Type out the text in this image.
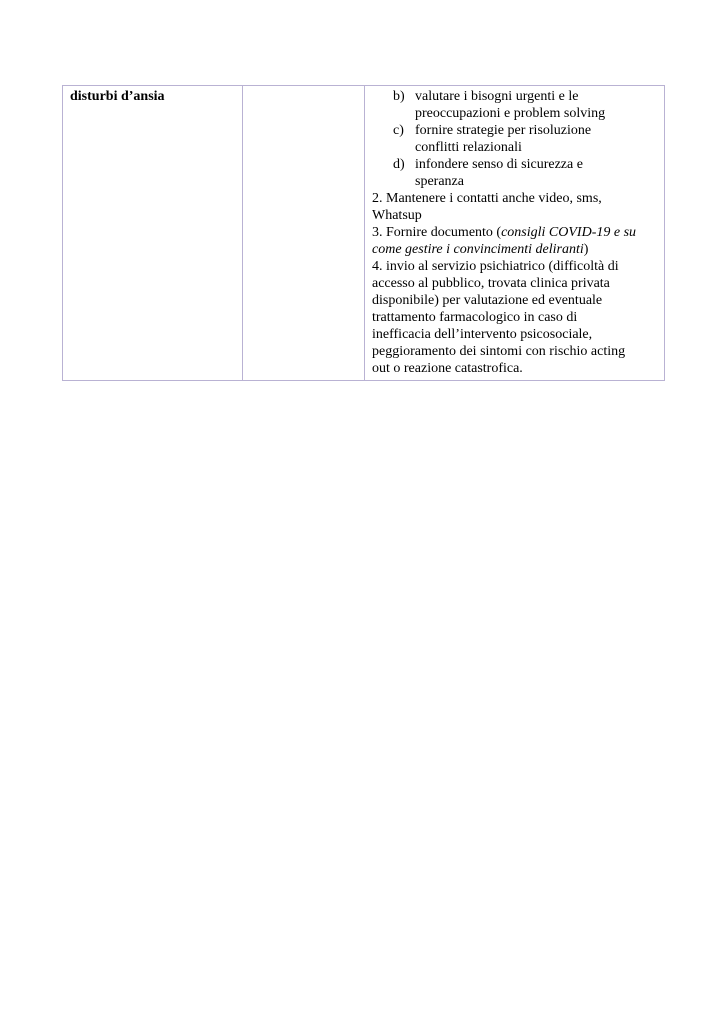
disturbi d’ansia		b) valutare i bisogni urgenti e le
preoccupazioni e problem solving
c) fornire strategie per risoluzione
conflitti relazionali
d) infondere senso di sicurezza e
speranza
2. Mantenere i contatti anche video, sms,
Whatsup
3. Fornire documento (consigli COVID-19 e su
come gestire i convincimenti deliranti)
4. invio al servizio psichiatrico (difficoltà di
accesso al pubblico, trovata clinica privata
disponibile) per valutazione ed eventuale
trattamento farmacologico in caso di
inefficacia dell’intervento psicosociale,
peggioramento dei sintomi con rischio acting
out o reazione catastrofica.
